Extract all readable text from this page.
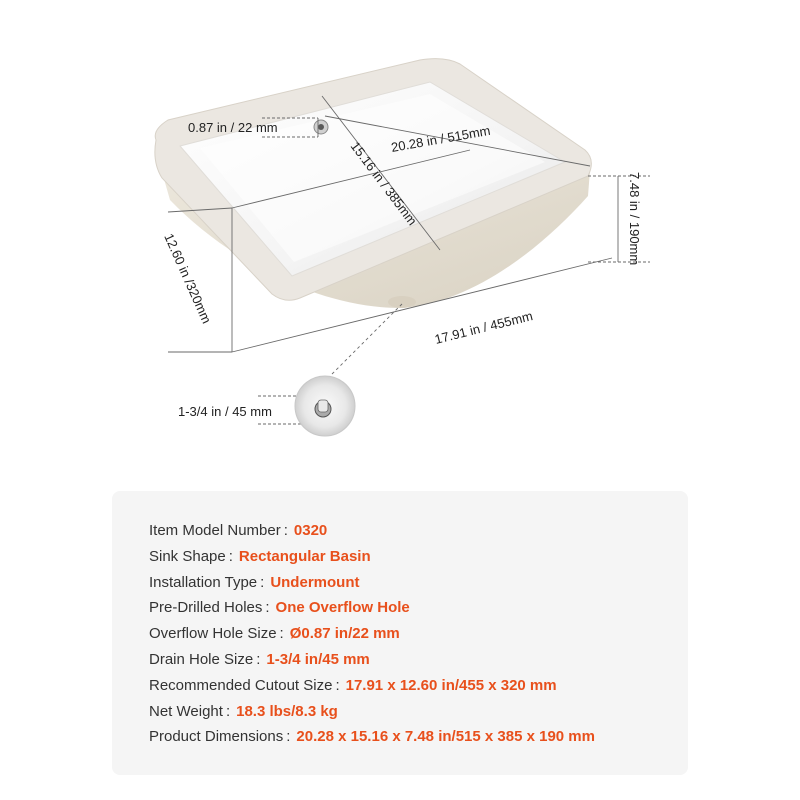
0.87 in / 22 mm	20.28 in / 515mm
15.16 in / 385mm	7.48 in / 190mm
12.60 in /320mm
17.91 in / 455mm
1-3/4 in / 45 mm
Item Model Number : 0320
Sink Shape : Rectangular Basin
Installation Type : Undermount
Pre-Drilled Holes : One Overflow Hole
Overflow Hole Size : Ø0.87 in/22 mm
Drain Hole Size : 1-3/4 in/45 mm
Recommended Cutout Size : 17.91 x 12.60 in/455 x 320 mm
Net Weight : 18.3 lbs/8.3 kg
Product Dimensions : 20.28 x 15.16 x 7.48 in/515 x 385 x 190 mm
